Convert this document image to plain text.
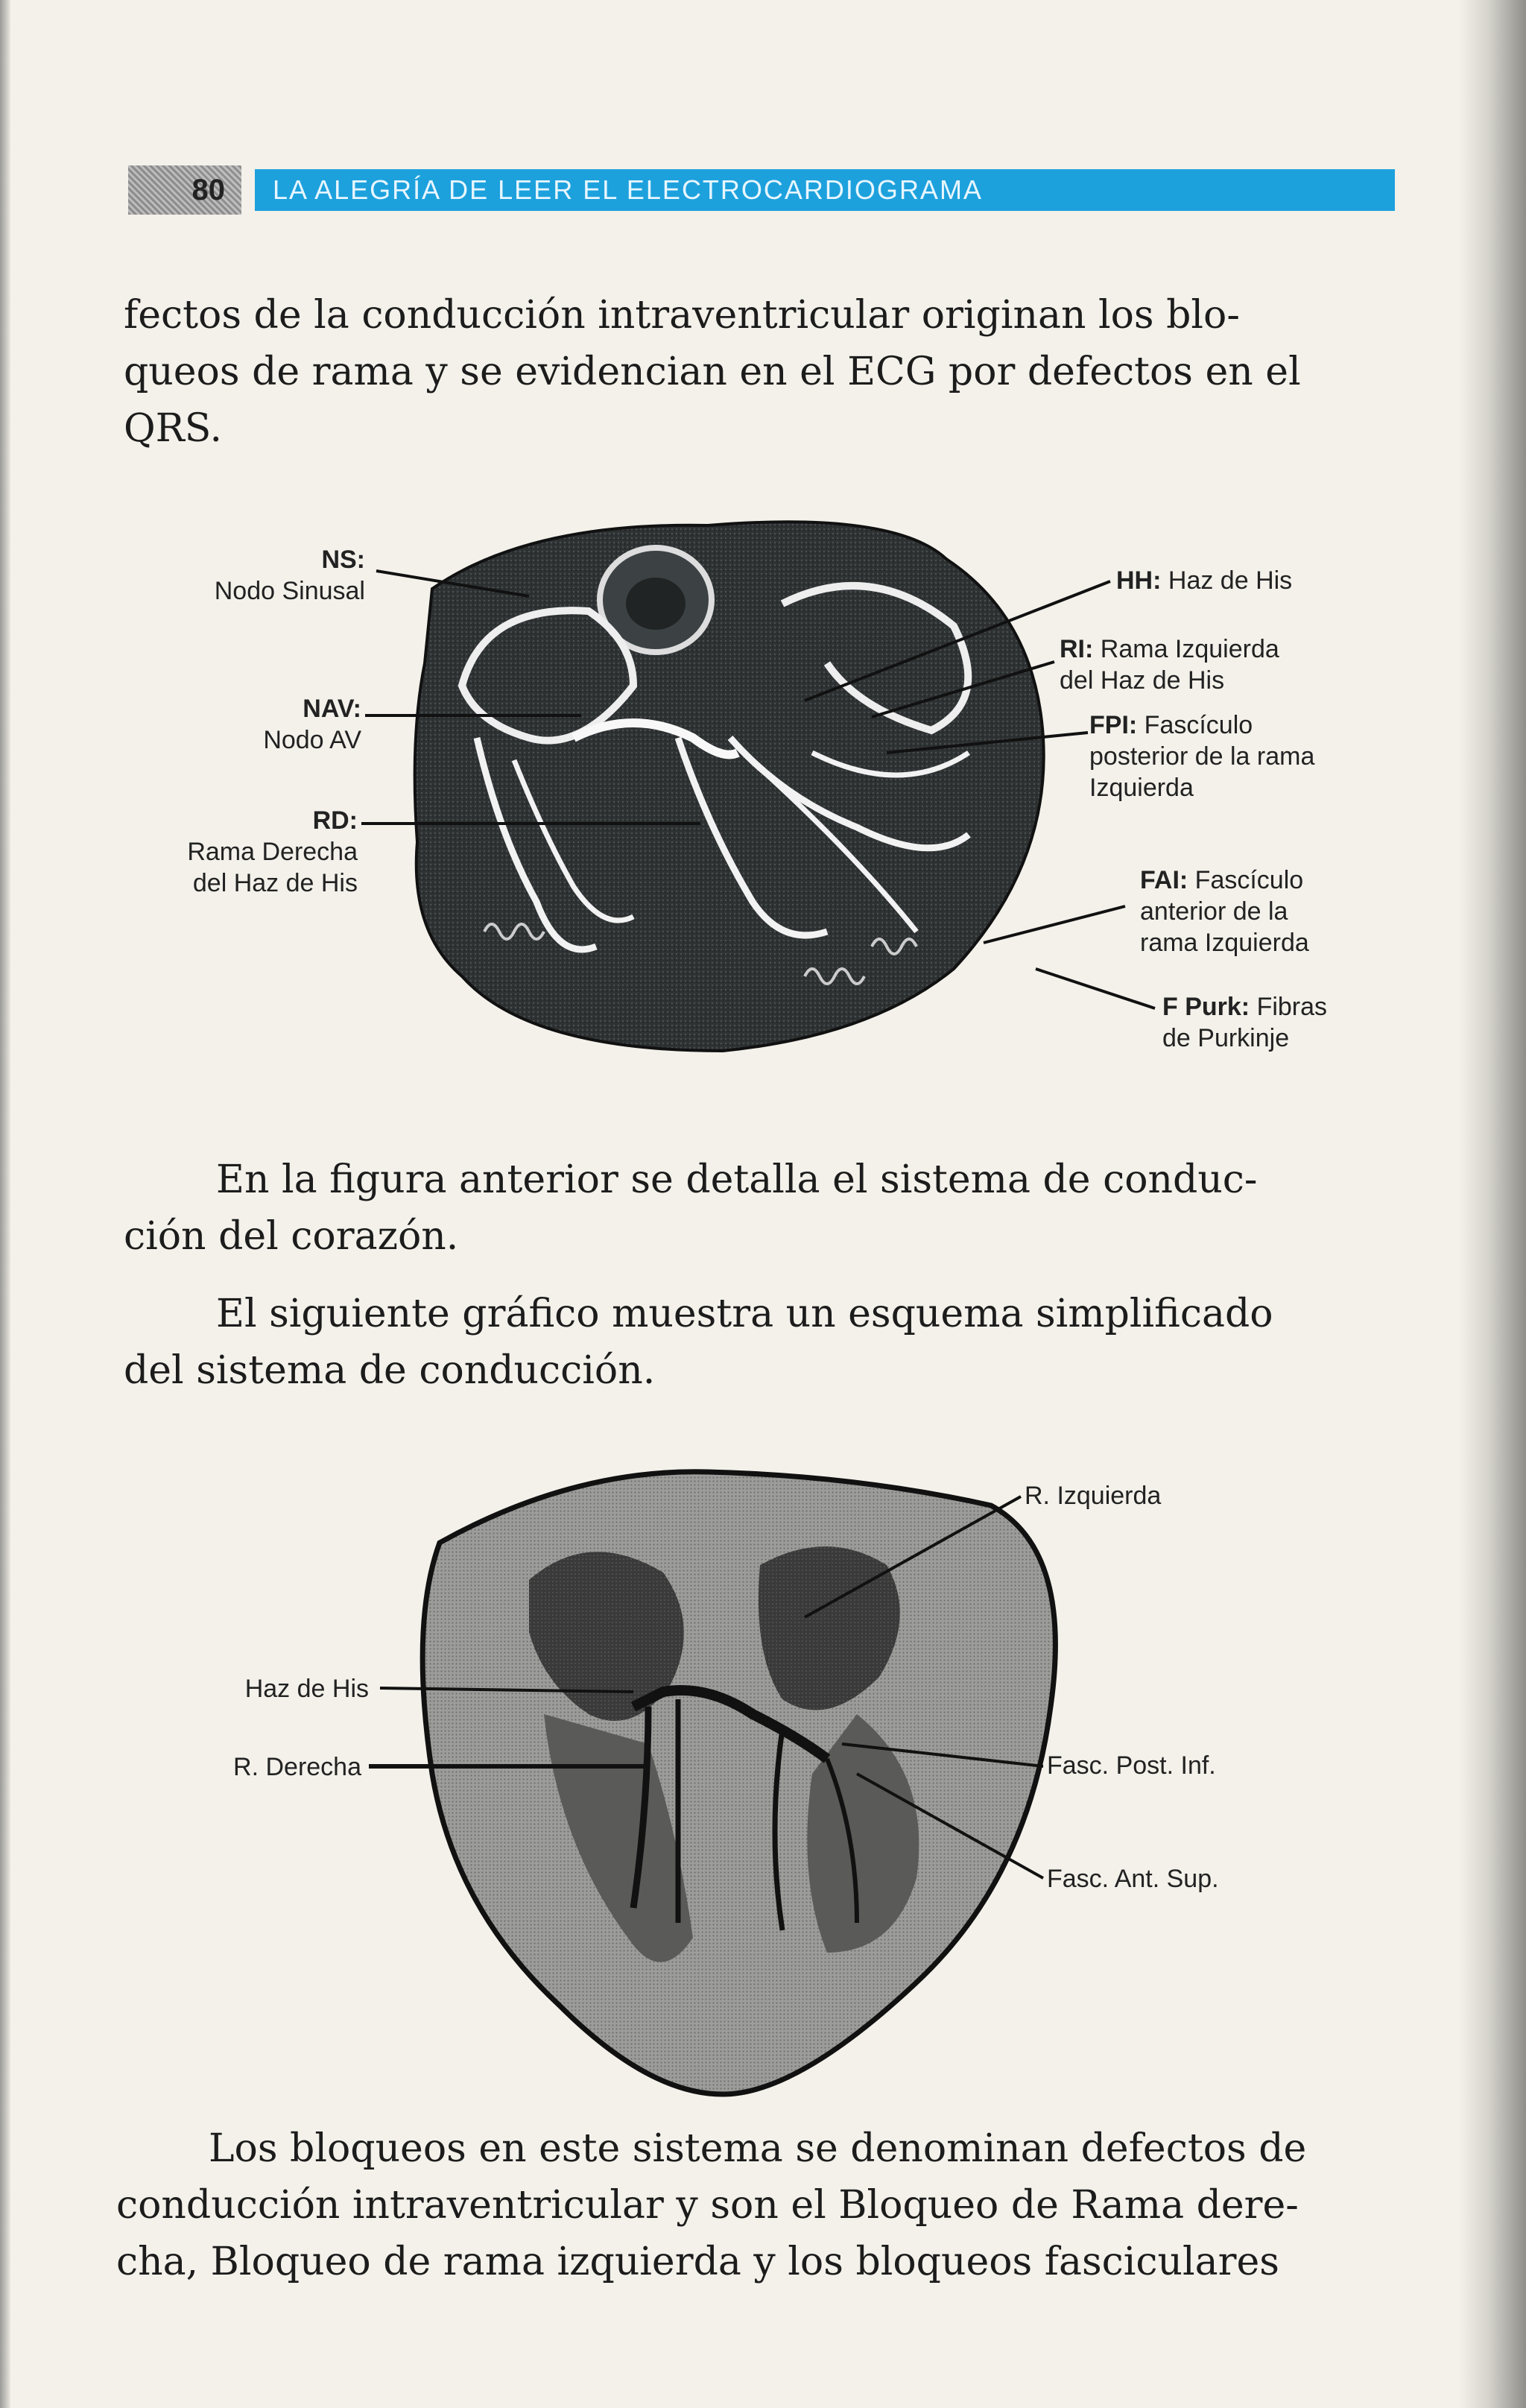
80	LA ALEGRÍA DE LEER EL ELECTROCARDIOGRAMA
fectos de la conducción intraventricular originan los blo-
queos de rama y se evidencian en el ECG por defectos en el
QRS.
NS:
Nodo Sinusal
NAV:
Nodo AV
RD:
Rama Derecha
del Haz de His
HH: Haz de His
RI: Rama Izquierda
del Haz de His
FPI: Fascículo
posterior de la rama
Izquierda
FAI: Fascículo
anterior de la
rama Izquierda
F Purk: Fibras
de Purkinje
En la figura anterior se detalla el sistema de conduc-
ción del corazón.
El siguiente gráfico muestra un esquema simplificado
del sistema de conducción.
R. Izquierda
Haz de His
R. Derecha	Fasc. Post. Inf.
Fasc. Ant. Sup.
Los bloqueos en este sistema se denominan defectos de
conducción intraventricular y son el Bloqueo de Rama dere-
cha, Bloqueo de rama izquierda y los bloqueos fasciculares
